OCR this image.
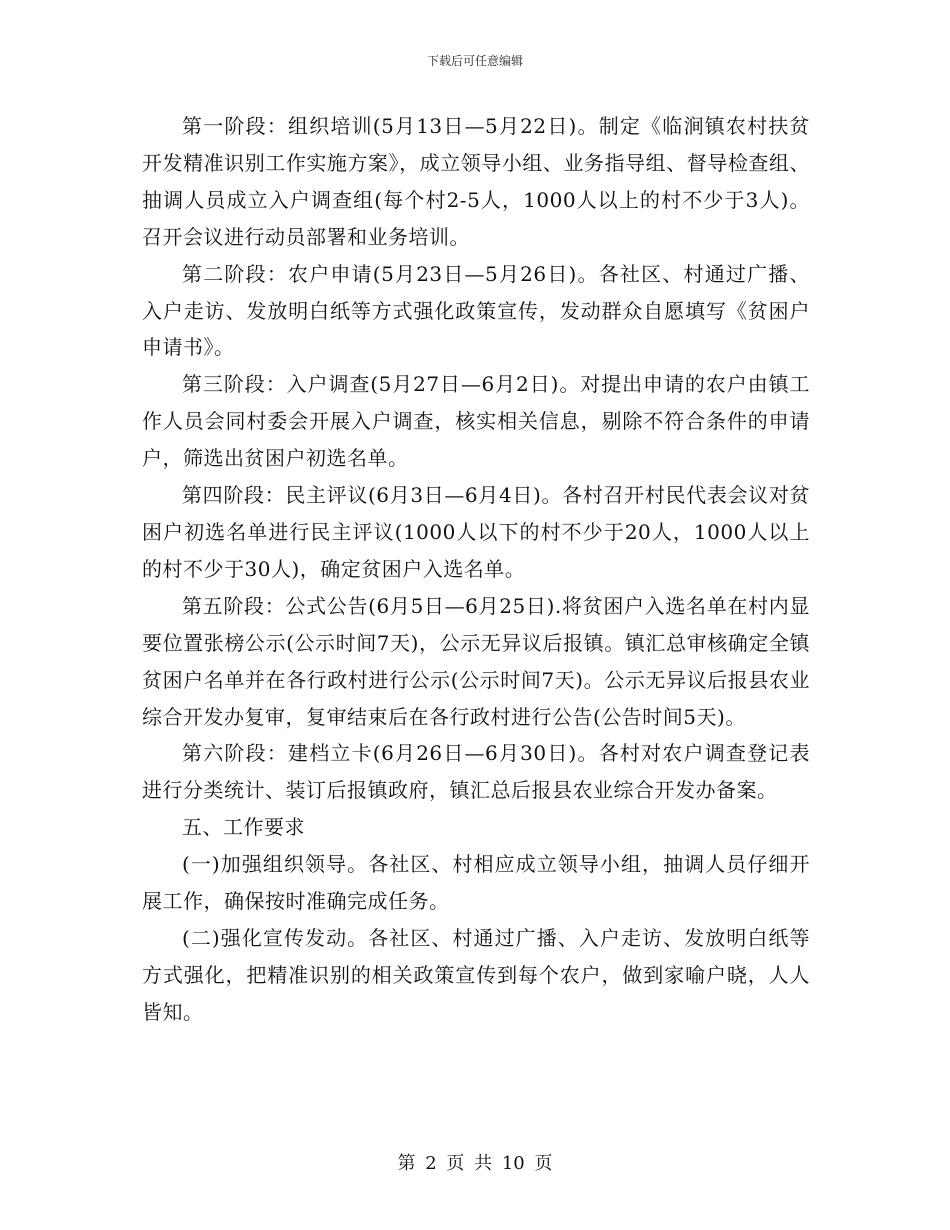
下载后可任意编辑

第一阶段：组织培训(5月13日—5月22日)。制定《临涧镇农村扶贫开发精准识别工作实施方案》，成立领导小组、业务指导组、督导检查组、抽调人员成立入户调查组(每个村2-5人，1000人以上的村不少于3人)。召开会议进行动员部署和业务培训。

第二阶段：农户申请(5月23日—5月26日)。各社区、村通过广播、入户走访、发放明白纸等方式强化政策宣传，发动群众自愿填写《贫困户申请书》。

第三阶段：入户调查(5月27日—6月2日)。对提出申请的农户由镇工作人员会同村委会开展入户调查，核实相关信息，剔除不符合条件的申请户，筛选出贫困户初选名单。

第四阶段：民主评议(6月3日—6月4日)。各村召开村民代表会议对贫困户初选名单进行民主评议(1000人以下的村不少于20人，1000人以上的村不少于30人)，确定贫困户入选名单。

第五阶段：公式公告(6月5日—6月25日).将贫困户入选名单在村内显要位置张榜公示(公示时间7天)，公示无异议后报镇。镇汇总审核确定全镇贫困户名单并在各行政村进行公示(公示时间7天)。公示无异议后报县农业综合开发办复审，复审结束后在各行政村进行公告(公告时间5天)。

第六阶段：建档立卡(6月26日—6月30日)。各村对农户调查登记表进行分类统计、装订后报镇政府，镇汇总后报县农业综合开发办备案。

五、工作要求

(一)加强组织领导。各社区、村相应成立领导小组，抽调人员仔细开展工作，确保按时准确完成任务。

(二)强化宣传发动。各社区、村通过广播、入户走访、发放明白纸等方式强化，把精准识别的相关政策宣传到每个农户，做到家喻户晓，人人皆知。

第 2 页 共 10 页
